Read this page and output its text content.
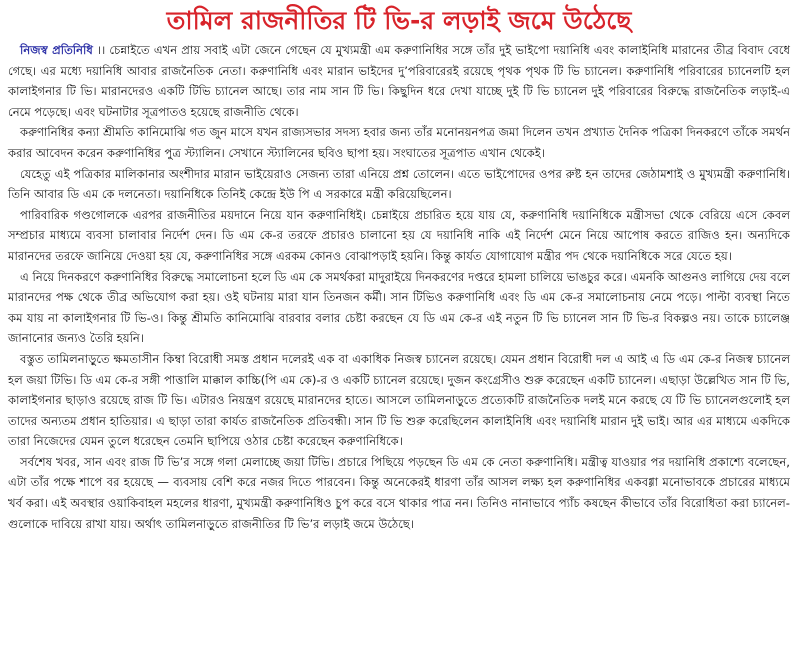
তামিল রাজনীতির টি ভি-র লড়াই জমে উঠেছে

নিজস্ব প্রতিনিধি ।। চেন্নাইতে এখন প্রায় সবাই এটা জেনে গেছেন যে মুখ্যমন্ত্রী এম করুণানিধির সঙ্গে তাঁর দুই ভাইপো দয়ানিধি এবং কালাইনিধি মারানের তীব্র বিবাদ বেধে গেছে। এর মধ্যে দয়ানিধি আবার রাজনৈতিক নেতা। করুণানিধি এবং মারান ভাইদের দু’পরিবারেরই রয়েছে পৃথক পৃথক টি ভি চ্যানেল। করুণানিধি পরিবারের চ্যানেলটি হল কালাইগনার টি ভি। মারানদেরও একটি টিভি চ্যানেল আছে। তার নাম সান টি ভি। কিছুদিন ধরে দেখা যাচ্ছে দুই টি ভি চ্যানেল দুই পরিবারের বিরুদ্ধে রাজনৈতিক লড়াই-এ নেমে পড়েছে। এবং ঘটনাটার সূত্রপাতও হয়েছে রাজনীতি থেকে।

করুণানিধির কন্যা শ্রীমতি কানিমোঝি গত জুন মাসে যখন রাজ্যসভার সদস্য হবার জন্য তাঁর মনোনয়নপত্র জমা দিলেন তখন প্রখ্যাত দৈনিক পত্রিকা দিনকরণে তাঁকে সমর্থন করার আবেদন করেন করুণানিধির পুত্র স্ট্যালিন। সেখানে স্ট্যালিনের ছবিও ছাপা হয়। সংঘাতের সূত্রপাত এখান থেকেই।

যেহেতু এই পত্রিকার মালিকানার অংশীদার মারান ভাইয়েরাও সেজন্য তারা এনিয়ে প্রশ্ন তোলেন। এতে ভাইপোদের ওপর রুষ্ট হন তাদের জেঠামশাই ও মুখ্যমন্ত্রী করুণানিধি। তিনি আবার ডি এম কে দলনেতা। দয়ানিধিকে তিনিই কেন্দ্রে ইউ পি এ সরকারে মন্ত্রী করিয়েছিলেন।

পারিবারিক গণ্ডগোলকে এরপর রাজনীতির ময়দানে নিয়ে যান করুণানিধিই। চেন্নাইয়ে প্রচারিত হয়ে যায় যে, করুণানিধি দয়ানিধিকে মন্ত্রীসভা থেকে বেরিয়ে এসে কেবল সম্প্রচার মাধ্যমে ব্যবসা চালাবার নির্দেশ দেন। ডি এম কে-র তরফে প্রচারও চালানো হয় যে দয়ানিধি নাকি এই নির্দেশ মেনে নিয়ে আপোষ করতে রাজিও হন। অন্যদিকে মারানদের তরফে জানিয়ে দেওয়া হয় যে, করুণানিধির সঙ্গে এরকম কোনও বোঝাপড়াই হয়নি। কিন্তু কার্যত যোগাযোগ মন্ত্রীর পদ থেকে দয়ানিধিকে সরে যেতে হয়।

এ নিয়ে দিনকরণে করুণানিধির বিরুদ্ধে সমালোচনা হলে ডি এম কে সমর্থকরা মাদুরাইয়ে দিনকরণের দপ্তরে হামলা চালিয়ে ভাঙচুর করে। এমনকি আগুনও লাগিয়ে দেয় বলে মারানদের পক্ষ থেকে তীব্র অভিযোগ করা হয়। ওই ঘটনায় মারা যান তিনজন কর্মী। সান টিভিও করুণানিধি এবং ডি এম কে-র সমালোচনায় নেমে পড়ে। পাল্টা ব্যবস্থা নিতে কম যায় না কালাইগনার টি ভি-ও। কিন্তু শ্রীমতি কানিমোঝি বারবার বলার চেষ্টা করছেন যে ডি এম কে-র এই নতুন টি ভি চ্যানেল সান টি ভি-র বিকল্পও নয়। তাকে চ্যালেঞ্জ জানানোর জন্যও তৈরি হয়নি।

বস্তুত তামিলনাড়ুতে ক্ষমতাসীন কিম্বা বিরোধী সমস্ত প্রধান দলেরই এক বা একাধিক নিজস্ব চ্যানেল রয়েছে। যেমন প্রধান বিরোধী দল এ আই এ ডি এম কে-র নিজস্ব চ্যানেল হল জয়া টিভি। ডি এম কে-র সঙ্গী পাত্তালি মাক্কাল কাচ্চি(পি এম কে)-র ও একটি চ্যানেল রয়েছে। দুজন কংগ্রেসীও শুরু করেছেন একটি চ্যানেল। এছাড়া উল্লেখিত সান টি ভি, কালাইগনার ছাড়াও রয়েছে রাজ টি ভি। এটারও নিয়ন্ত্রণ রয়েছে মারানদের হাতে। আসলে তামিলনাড়ুতে প্রত্যেকটি রাজনৈতিক দলই মনে করছে যে টি ভি চ্যানেলগুলোই হল তাদের অন্যতম প্রধান হাতিয়ার। এ ছাড়া তারা কার্যত রাজনৈতিক প্রতিবন্ধী। সান টি ভি শুরু করেছিলেন কালাইনিধি এবং দয়ানিধি মারান দুই ভাই। আর এর মাধ্যমে একদিকে তারা নিজেদের যেমন তুলে ধরেছেন তেমনি ছাপিয়ে ওঠার চেষ্টা করেছেন করুণানিধিকে।

সর্বশেষ খবর, সান এবং রাজ টি ভি’র সঙ্গে গলা মেলাচ্ছে জয়া টিভি। প্রচারে পিছিয়ে পড়ছেন ডি এম কে নেতা করুণানিধি। মন্ত্রীত্ব যাওয়ার পর দয়ানিধি প্রকাশ্যে বলেছেন, এটা তাঁর পক্ষে শাপে বর হয়েছে — ব্যবসায় বেশি করে নজর দিতে পারবেন। কিন্তু অনেকেরই ধারণা তাঁর আসল লক্ষ্য হল করুণানিধির একবগ্গা মনোভাবকে প্রচারের মাধ্যমে খর্ব করা। এই অবস্থার ওয়াকিবাহল মহলের ধারণা, মুখ্যমন্ত্রী করুণানিধিও চুপ করে বসে থাকার পাত্র নন। তিনিও নানাভাবে প্যাঁচ কষছেন কীভাবে তাঁর বিরোধিতা করা চ্যানেল-গুলোকে দাবিয়ে রাখা যায়। অর্থাৎ তামিলনাড়ুতে রাজনীতির টি ভি’র লড়াই জমে উঠেছে।
